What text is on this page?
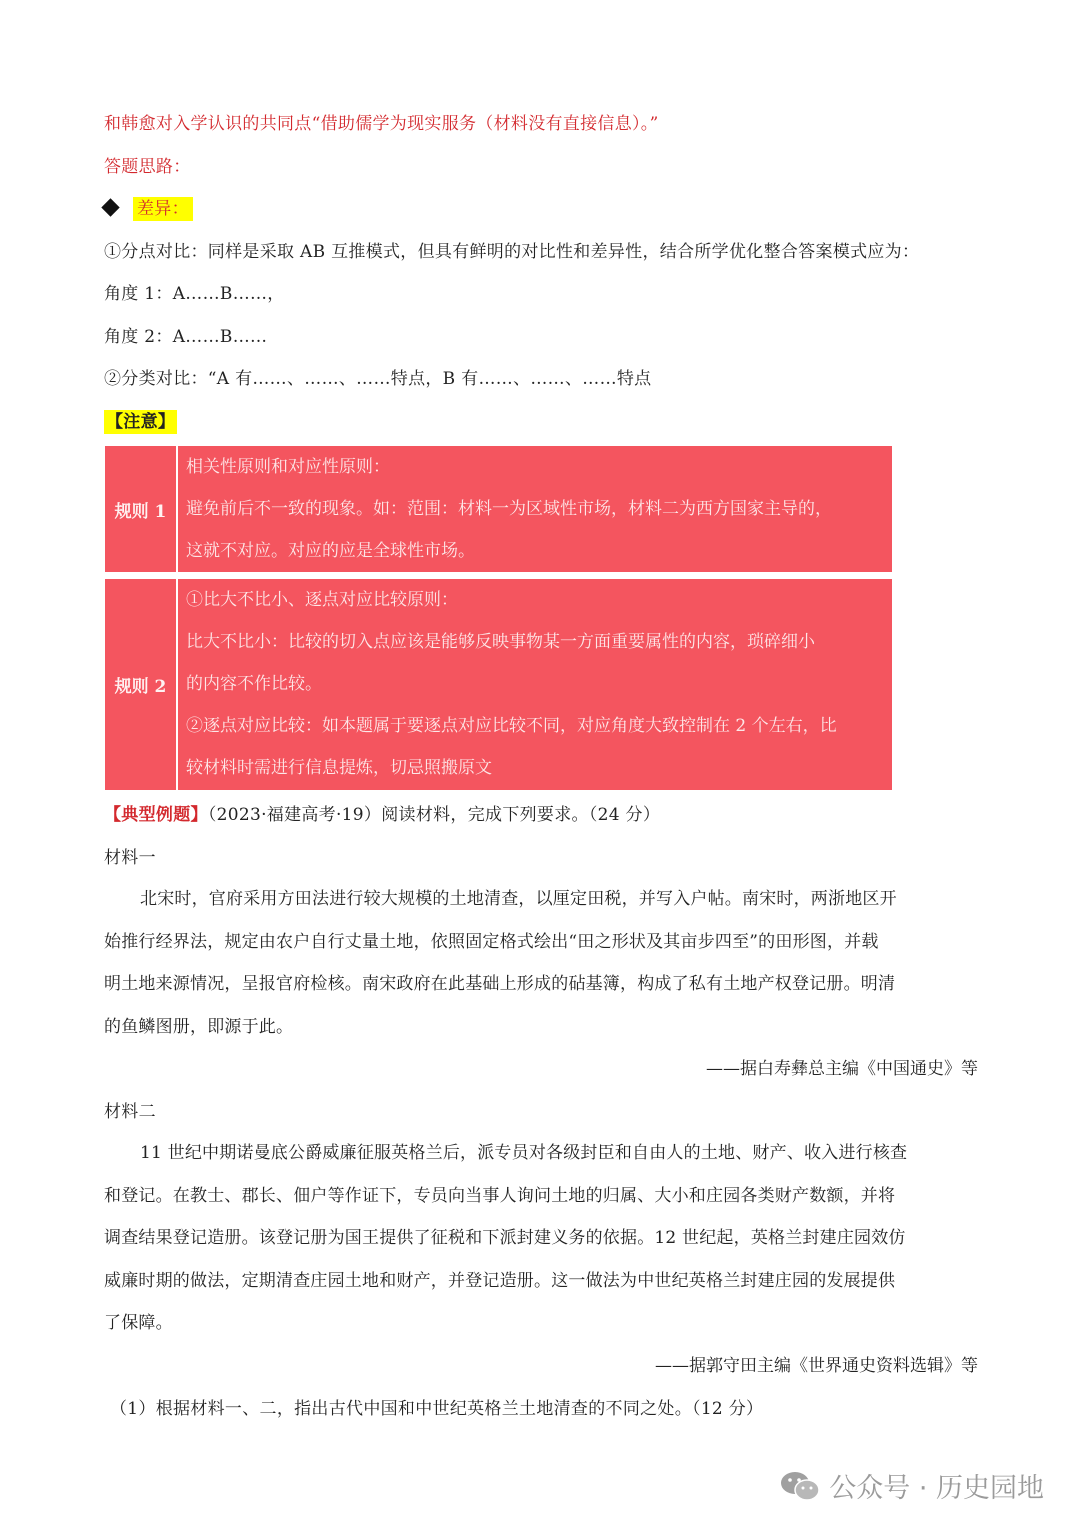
和韩愈对入学认识的共同点“借助儒学为现实服务（材料没有直接信息）。”
答题思路：
差异：
①分点对比：同样是采取 AB 互推模式，但具有鲜明的对比性和差异性，结合所学优化整合答案模式应为：
角度 1：A……B……，
角度 2：A……B……
②分类对比：“A 有……、……、……特点，B 有……、……、……特点
【注意】
规则 1
相关性原则和对应性原则：
避免前后不一致的现象。如：范围：材料一为区域性市场，材料二为西方国家主导的，
这就不对应。对应的应是全球性市场。
规则 2
①比大不比小、逐点对应比较原则：
比大不比小：比较的切入点应该是能够反映事物某一方面重要属性的内容，琐碎细小
的内容不作比较。
②逐点对应比较：如本题属于要逐点对应比较不同，对应角度大致控制在 2 个左右，比
较材料时需进行信息提炼，切忌照搬原文
【典型例题】（2023·福建高考·19）阅读材料，完成下列要求。（24 分）
材料一
北宋时，官府采用方田法进行较大规模的土地清查，以厘定田税，并写入户帖。南宋时，两浙地区开
始推行经界法，规定由农户自行丈量土地，依照固定格式绘出“田之形状及其亩步四至”的田形图，并载
明土地来源情况，呈报官府检核。南宋政府在此基础上形成的砧基簿，构成了私有土地产权登记册。明清
的鱼鳞图册，即源于此。
——据白寿彝总主编《中国通史》等
材料二
11 世纪中期诺曼底公爵威廉征服英格兰后，派专员对各级封臣和自由人的土地、财产、收入进行核查
和登记。在教士、郡长、佃户等作证下，专员向当事人询问土地的归属、大小和庄园各类财产数额，并将
调查结果登记造册。该登记册为国王提供了征税和下派封建义务的依据。12 世纪起，英格兰封建庄园效仿
威廉时期的做法，定期清查庄园土地和财产，并登记造册。这一做法为中世纪英格兰封建庄园的发展提供
了保障。
——据郭守田主编《世界通史资料选辑》等
（1）根据材料一、二，指出古代中国和中世纪英格兰土地清查的不同之处。（12 分）
公众号 · 历史园地
